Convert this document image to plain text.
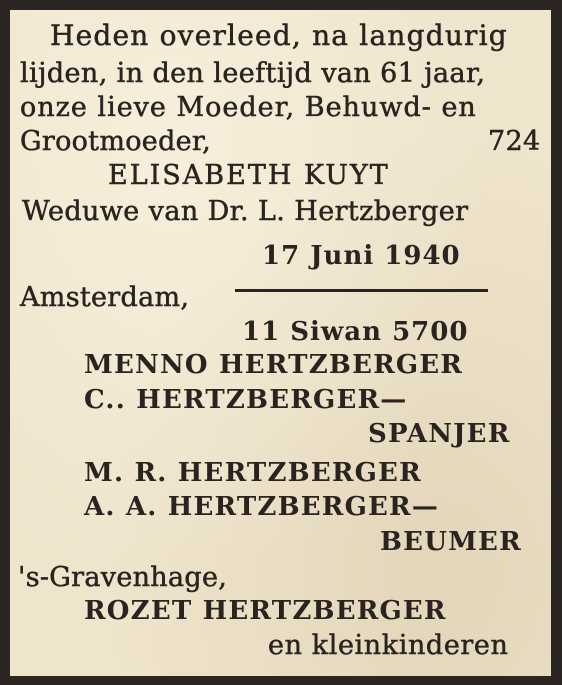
Heden overleed, na langdurig
lijden, in den leeftijd van 61 jaar,
onze lieve Moeder, Behuwd- en
Grootmoeder,	724
ELISABETH KUYT
Weduwe van Dr. L. Hertzberger
17 Juni 1940
Amsterdam,
11 Siwan 5700
MENNO HERTZBERGER
C.. HERTZBERGER—
SPANJER
M. R. HERTZBERGER
A. A. HERTZBERGER—
BEUMER
's-Gravenhage,
ROZET HERTZBERGER
en kleinkinderen
